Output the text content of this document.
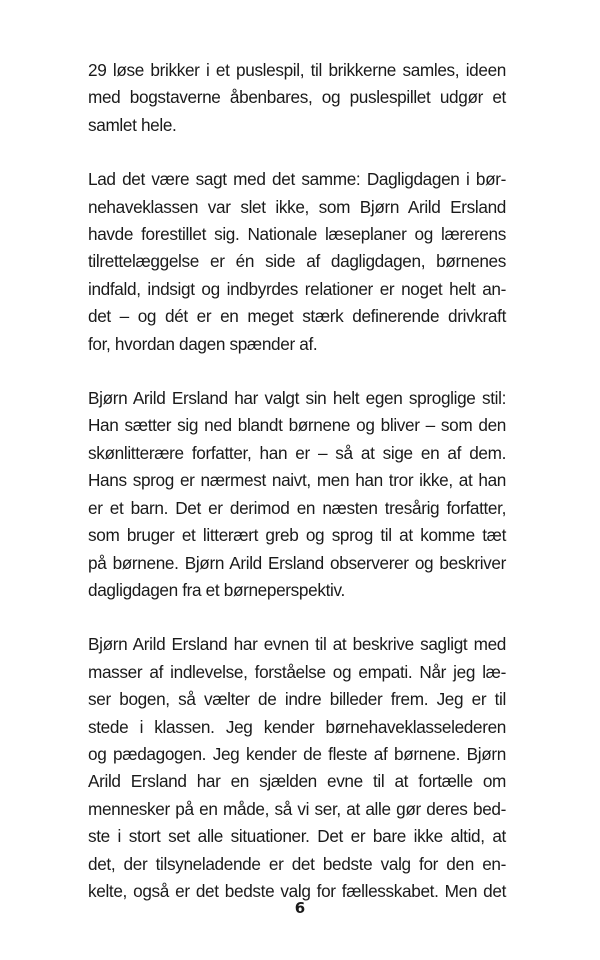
29 løse brikker i et puslespil, til brikkerne samles, ideen
med bogstaverne åbenbares, og puslespillet udgør et
samlet hele.

Lad det være sagt med det samme: Dagligdagen i bør-
nehaveklassen var slet ikke, som Bjørn Arild Ersland
havde forestillet sig. Nationale læseplaner og lærerens
tilrettelæggelse er én side af dagligdagen, børnenes
indfald, indsigt og indbyrdes relationer er noget helt an-
det – og dét er en meget stærk definerende drivkraft
for, hvordan dagen spænder af.

Bjørn Arild Ersland har valgt sin helt egen sproglige stil:
Han sætter sig ned blandt børnene og bliver – som den
skønlitterære forfatter, han er – så at sige en af dem.
Hans sprog er nærmest naivt, men han tror ikke, at han
er et barn. Det er derimod en næsten tresårig forfatter,
som bruger et litterært greb og sprog til at komme tæt
på børnene. Bjørn Arild Ersland observerer og beskriver
dagligdagen fra et børneperspektiv.

Bjørn Arild Ersland har evnen til at beskrive sagligt med
masser af indlevelse, forståelse og empati. Når jeg læ-
ser bogen, så vælter de indre billeder frem. Jeg er til
stede i klassen. Jeg kender børnehaveklasselederen
og pædagogen. Jeg kender de fleste af børnene. Bjørn
Arild Ersland har en sjælden evne til at fortælle om
mennesker på en måde, så vi ser, at alle gør deres bed-
ste i stort set alle situationer. Det er bare ikke altid, at
det, der tilsyneladende er det bedste valg for den en-
kelte, også er det bedste valg for fællesskabet. Men det

6
